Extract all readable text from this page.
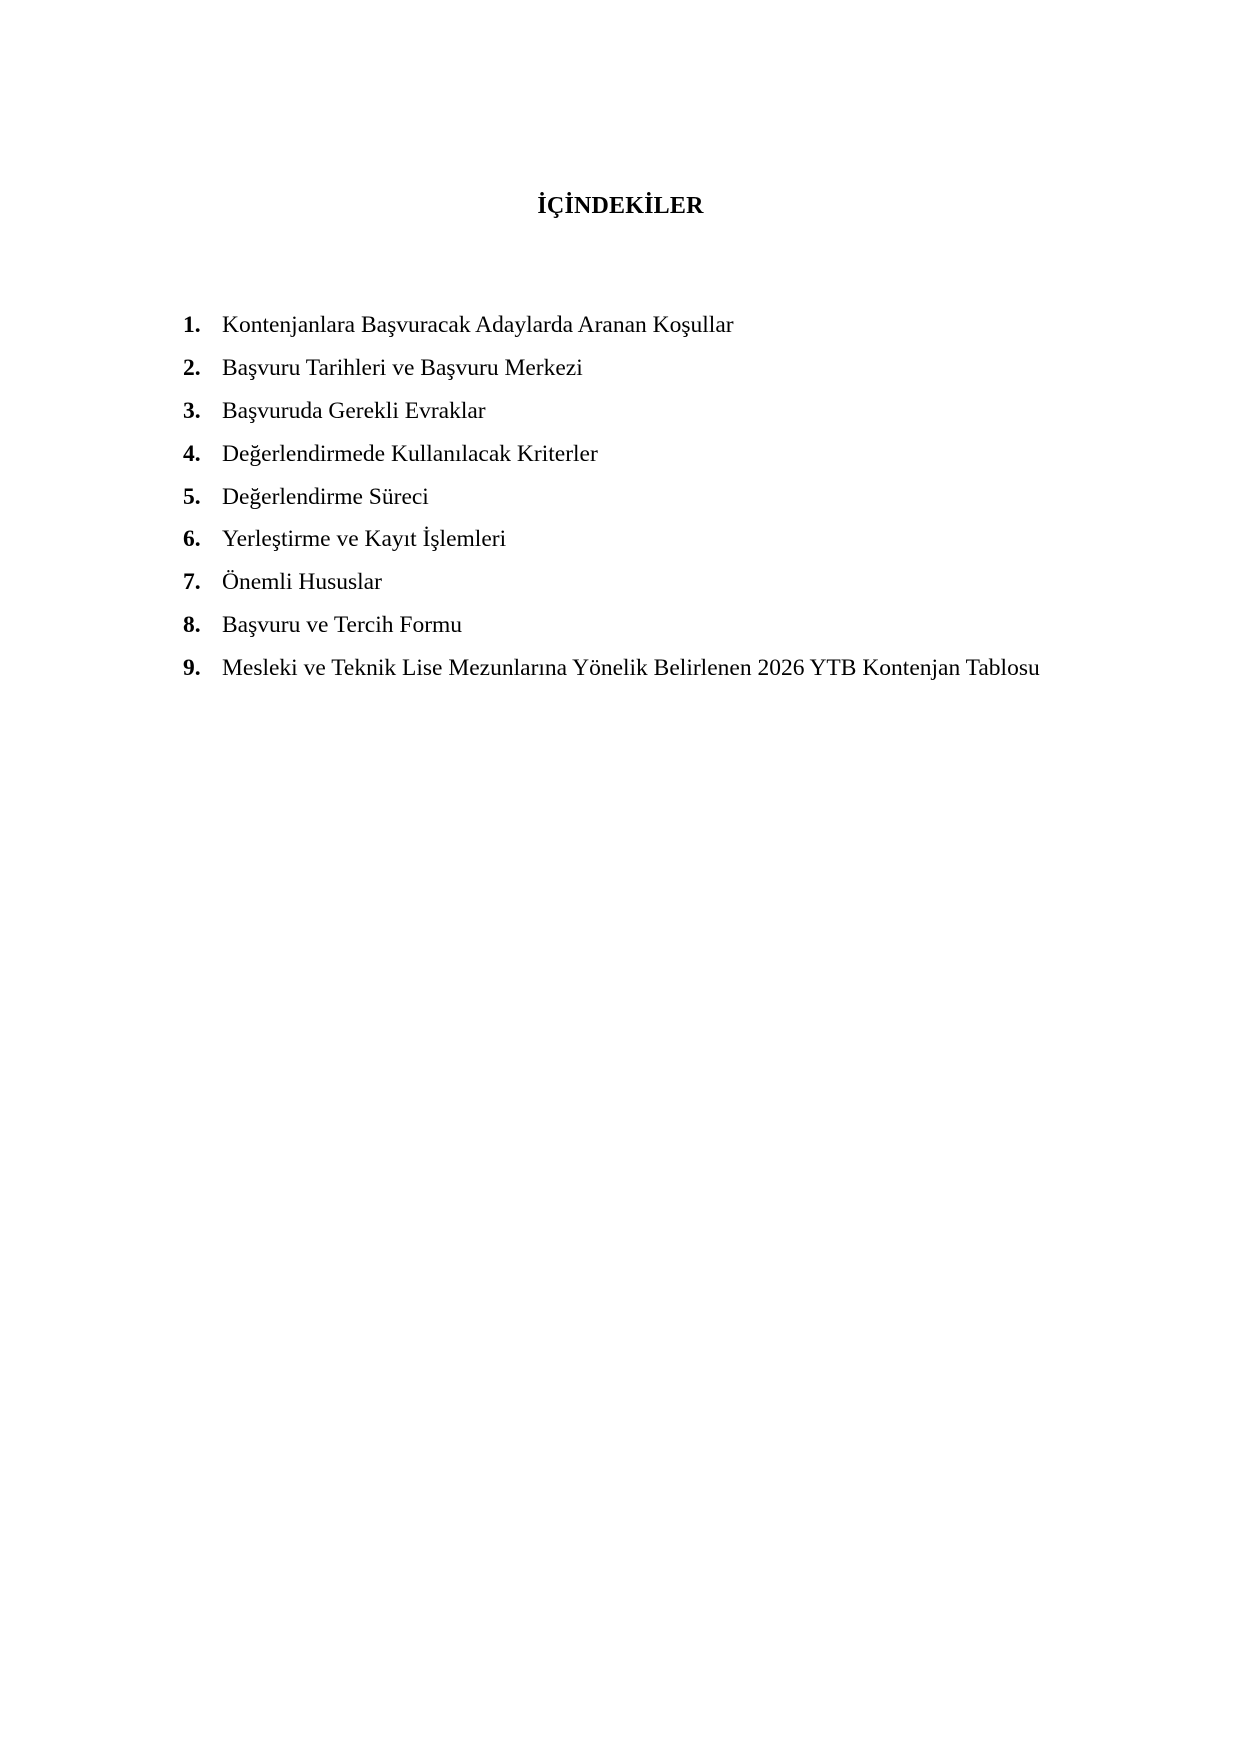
İÇİNDEKİLER
1. Kontenjanlara Başvuracak Adaylarda Aranan Koşullar
2. Başvuru Tarihleri ve Başvuru Merkezi
3. Başvuruda Gerekli Evraklar
4. Değerlendirmede Kullanılacak Kriterler
5. Değerlendirme Süreci
6. Yerleştirme ve Kayıt İşlemleri
7. Önemli Hususlar
8. Başvuru ve Tercih Formu
9. Mesleki ve Teknik Lise Mezunlarına Yönelik Belirlenen 2026 YTB Kontenjan Tablosu
